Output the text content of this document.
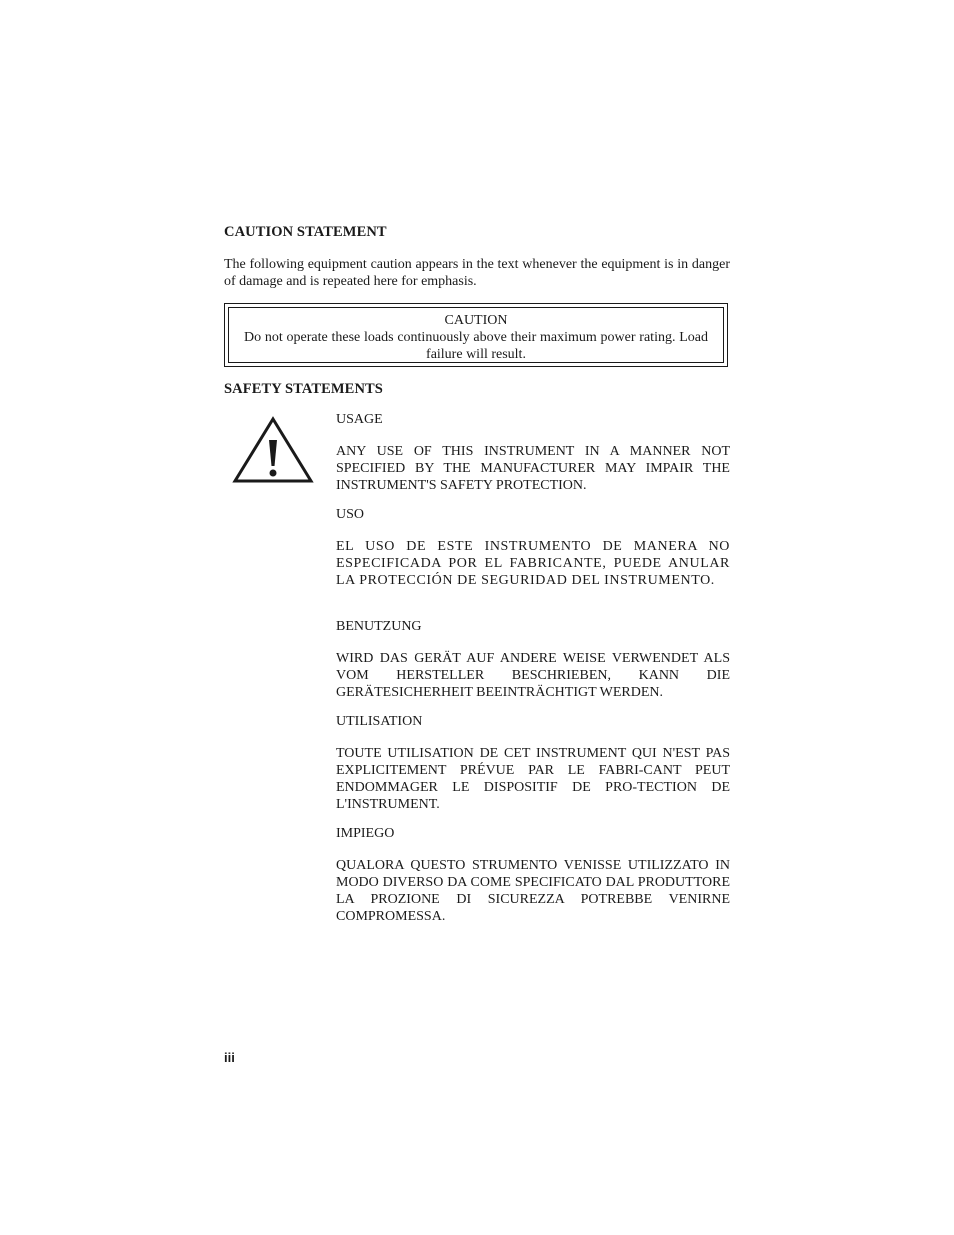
CAUTION STATEMENT
The following equipment caution appears in the text whenever the equipment is in danger of damage and is repeated here for emphasis.
CAUTION
Do not operate these loads continuously above their maximum power rating. Load failure will result.
SAFETY STATEMENTS
USAGE
ANY USE OF THIS INSTRUMENT IN A MANNER NOT SPECIFIED BY THE MANUFACTURER MAY IMPAIR THE INSTRUMENT'S SAFETY PROTECTION.
USO
EL USO DE ESTE INSTRUMENTO DE MANERA NO ESPECIFICADA POR EL FABRICANTE, PUEDE ANULAR LA PROTECCIÓN DE SEGURIDAD DEL INSTRUMENTO.
BENUTZUNG
WIRD DAS GERÄT AUF ANDERE WEISE VERWENDET ALS VOM HERSTELLER BESCHRIEBEN, KANN DIE GERÄTESICHERHEIT BEEINTRÄCHTIGT WERDEN.
UTILISATION
TOUTE UTILISATION DE CET INSTRUMENT QUI N'EST PAS EXPLICITEMENT PRÉVUE PAR LE FABRI-CANT PEUT ENDOMMAGER LE DISPOSITIF DE PRO-TECTION DE L'INSTRUMENT.
IMPIEGO
QUALORA QUESTO STRUMENTO VENISSE UTILIZZATO IN MODO DIVERSO DA COME SPECIFICATO DAL PRODUTTORE LA PROZIONE DI SICUREZZA POTREBBE VENIRNE COMPROMESSA.
iii
